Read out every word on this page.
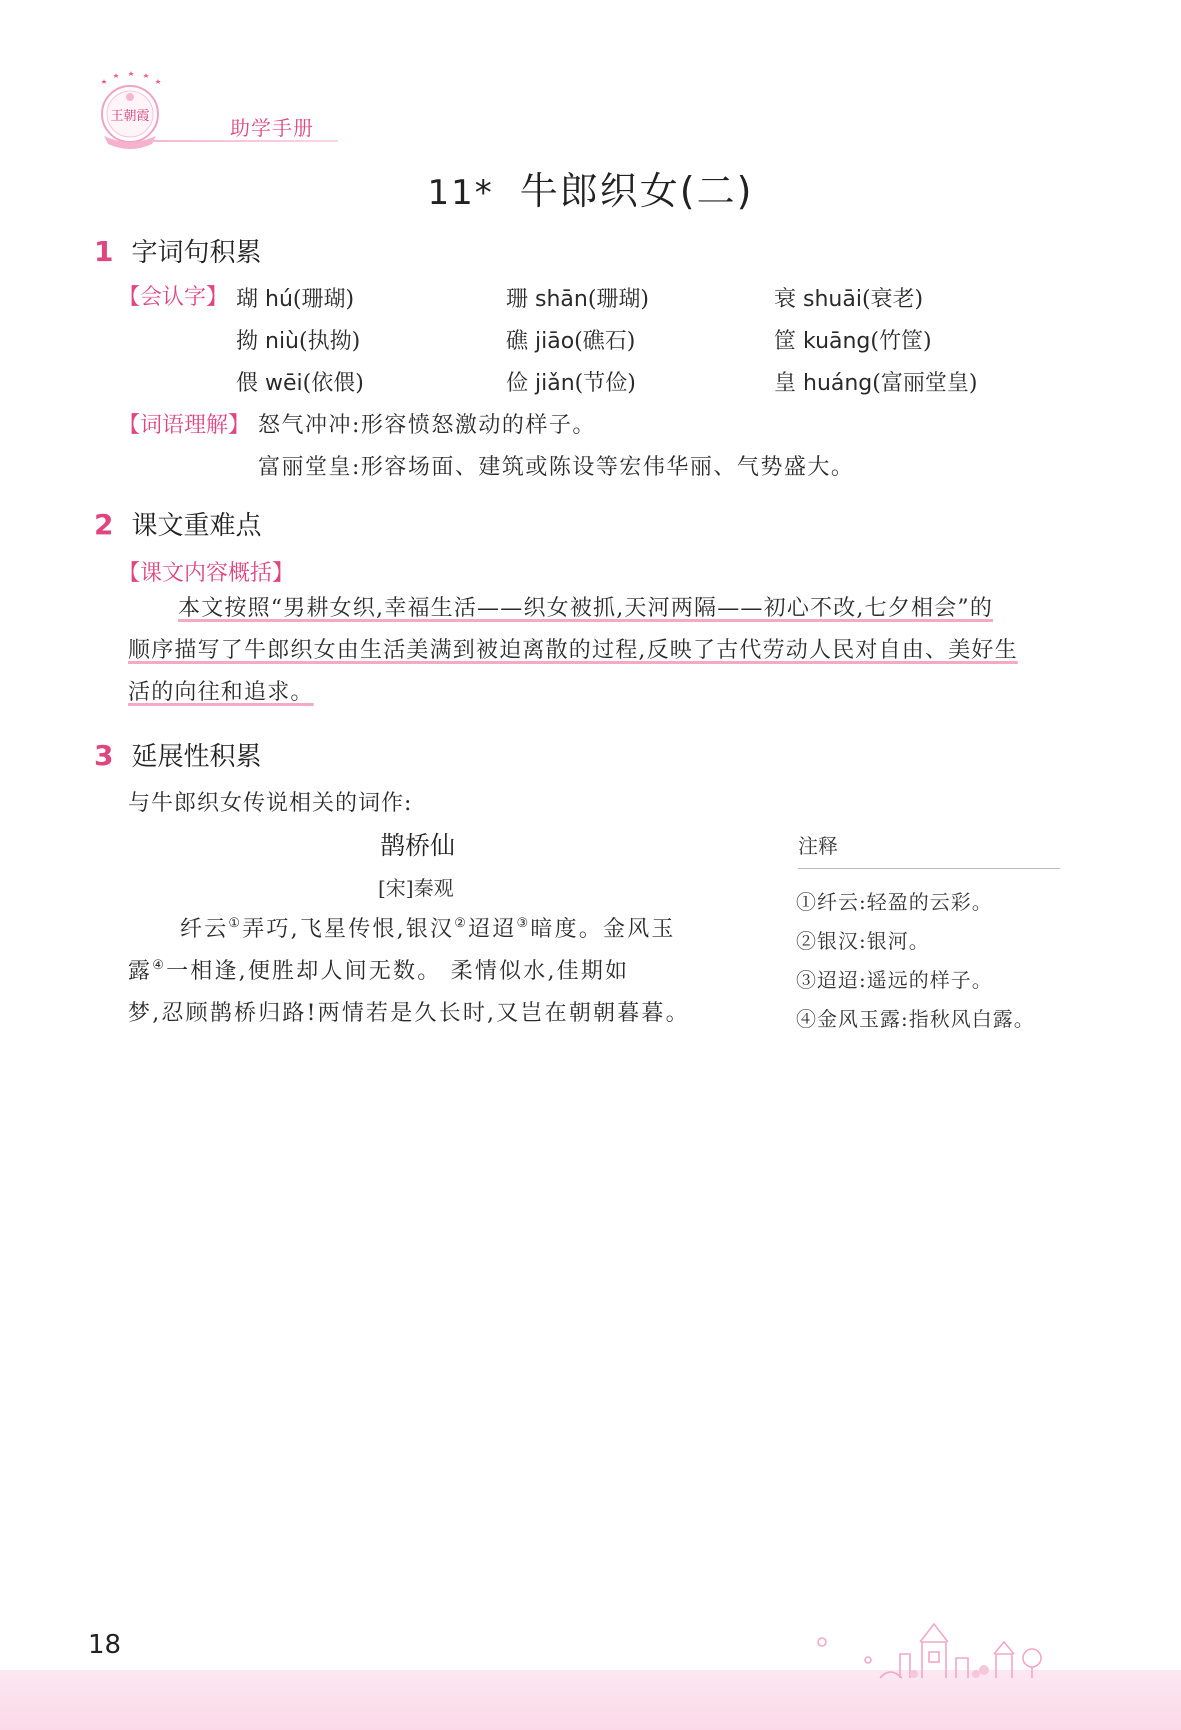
王朝霞	助学手册
11* 牛郎织女(二)
1 字词句积累
【会认字】 瑚 hú(珊瑚)	珊 shān(珊瑚)	衰 shuāi(衰老)
拗 niù(执拗)	礁 jiāo(礁石)	筐 kuāng(竹筐)
偎 wēi(依偎)	俭 jiǎn(节俭)	皇 huáng(富丽堂皇)
【词语理解】 怒气冲冲:形容愤怒激动的样子。
富丽堂皇:形容场面、建筑或陈设等宏伟华丽、气势盛大。
2 课文重难点
【课文内容概括】
本文按照“男耕女织,幸福生活——织女被抓,天河两隔——初心不改,七夕相会”的
顺序描写了牛郎织女由生活美满到被迫离散的过程,反映了古代劳动人民对自由、美好生
活的向往和追求。
3 延展性积累
与牛郎织女传说相关的词作:
鹊桥仙
[宋]秦观
纤云①弄巧,飞星传恨,银汉②迢迢③暗度。金风玉
露④一相逢,便胜却人间无数。 柔情似水,佳期如
梦,忍顾鹊桥归路!两情若是久长时,又岂在朝朝暮暮。
注释
①纤云:轻盈的云彩。
②银汉:银河。
③迢迢:遥远的样子。
④金风玉露:指秋风白露。
18
